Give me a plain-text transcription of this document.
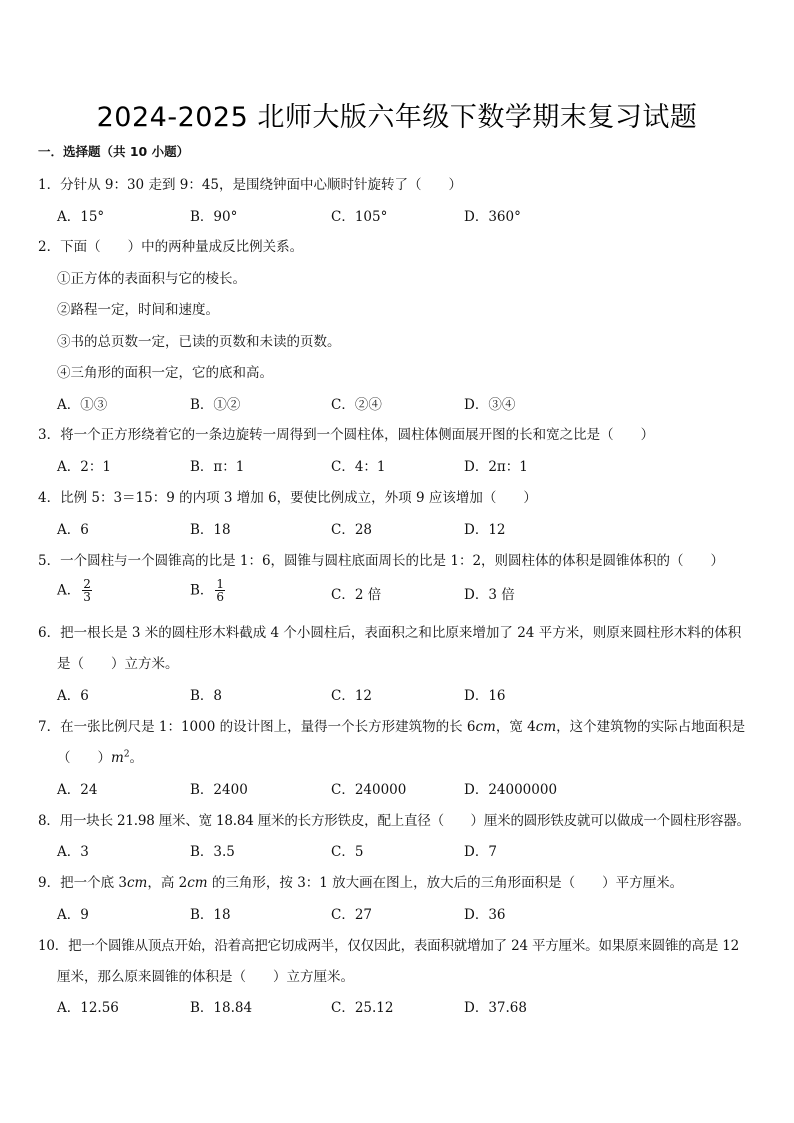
2024-2025 北师大版六年级下数学期末复习试题
一．选择题（共 10 小题）
1．分针从 9：30 走到 9：45，是围绕钟面中心顺时针旋转了（　　）
A．15°	B．90°	C．105°	D．360°
2．下面（　　）中的两种量成反比例关系。
①正方体的表面积与它的棱长。
②路程一定，时间和速度。
③书的总页数一定，已读的页数和未读的页数。
④三角形的面积一定，它的底和高。
A．①③	B．①②	C．②④	D．③④
3．将一个正方形绕着它的一条边旋转一周得到一个圆柱体，圆柱体侧面展开图的长和宽之比是（　　）
A．2：1	B．π：1	C．4：1	D．2π：1
4．比例 5：3＝15：9 的内项 3 增加 6，要使比例成立，外项 9 应该增加（　　）
A．6	B．18	C．28	D．12
5．一个圆柱与一个圆锥高的比是 1：6，圆锥与圆柱底面周长的比是 1：2，则圆柱体的体积是圆锥体积的（　　）
A． $\frac{2}{3}$	B． $\frac{1}{6}$	C．2 倍	D．3 倍
6．把一根长是 3 米的圆柱形木料截成 4 个小圆柱后，表面积之和比原来增加了 24 平方米，则原来圆柱形木料的体积
是（　　）立方米。
A．6	B．8	C．12	D．16
7．在一张比例尺是 1：1000 的设计图上，量得一个长方形建筑物的长 6cm，宽 4cm，这个建筑物的实际占地面积是
（　　）$m^2$。
A．24	B．2400	C．240000	D．24000000
8．用一块长 21.98 厘米、宽 18.84 厘米的长方形铁皮，配上直径（　　）厘米的圆形铁皮就可以做成一个圆柱形容器。
A．3	B．3.5	C．5	D．7
9．把一个底 3cm，高 2cm 的三角形，按 3：1 放大画在图上，放大后的三角形面积是（　　）平方厘米。
A．9	B．18	C．27	D．36
10．把一个圆锥从顶点开始，沿着高把它切成两半，仅仅因此，表面积就增加了 24 平方厘米。如果原来圆锥的高是 12
厘米，那么原来圆锥的体积是（　　）立方厘米。
A．12.56	B．18.84	C．25.12	D．37.68
